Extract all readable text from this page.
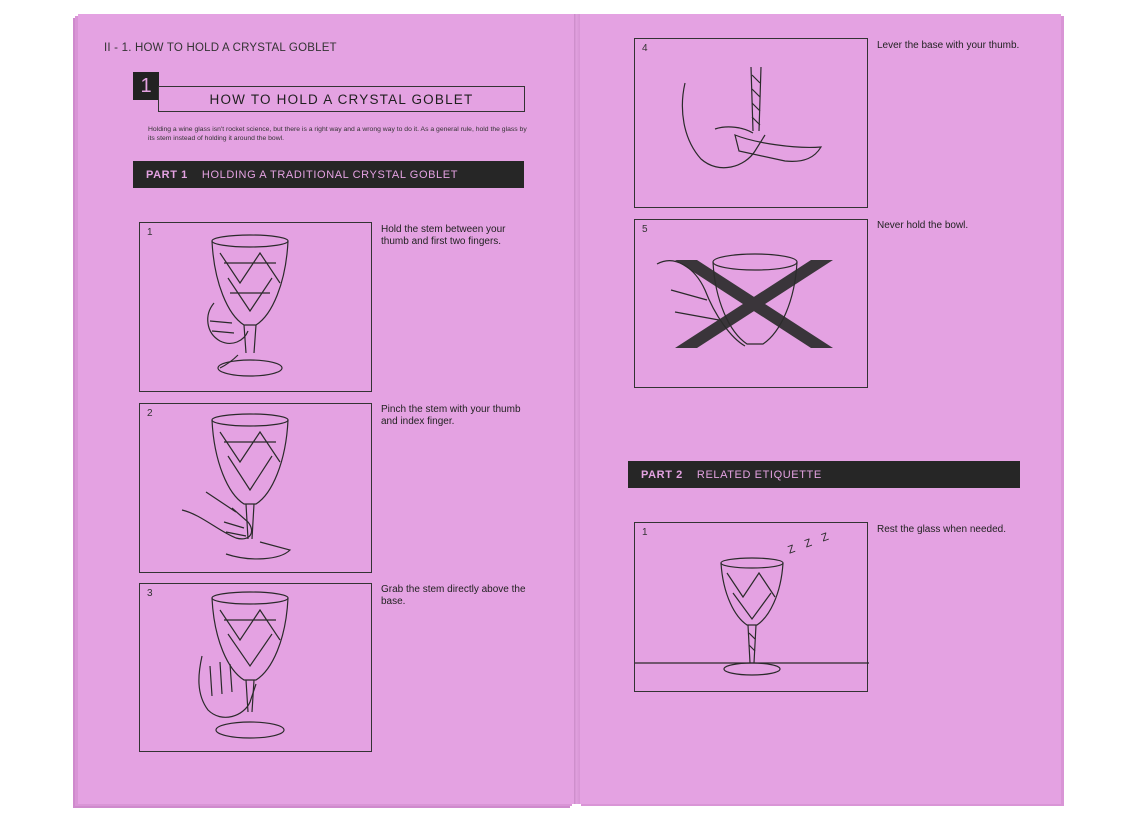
II - 1. HOW TO HOLD A CRYSTAL GOBLET
1
HOW TO HOLD A CRYSTAL GOBLET
Holding a wine glass isn't rocket science, but there is a right way and a wrong way to do it. As a general rule, hold the glass by its stem instead of holding it around the bowl.
PART 1 HOLDING A TRADITIONAL CRYSTAL GOBLET
1	Hold the stem between your thumb and first two fingers.
2	Pinch the stem with your thumb and index finger.
3	Grab the stem directly above the base.
4	Lever the base with your thumb.
5	Never hold the bowl.
PART 2 RELATED ETIQUETTE
1	Z Z Z	Rest the glass when needed.
